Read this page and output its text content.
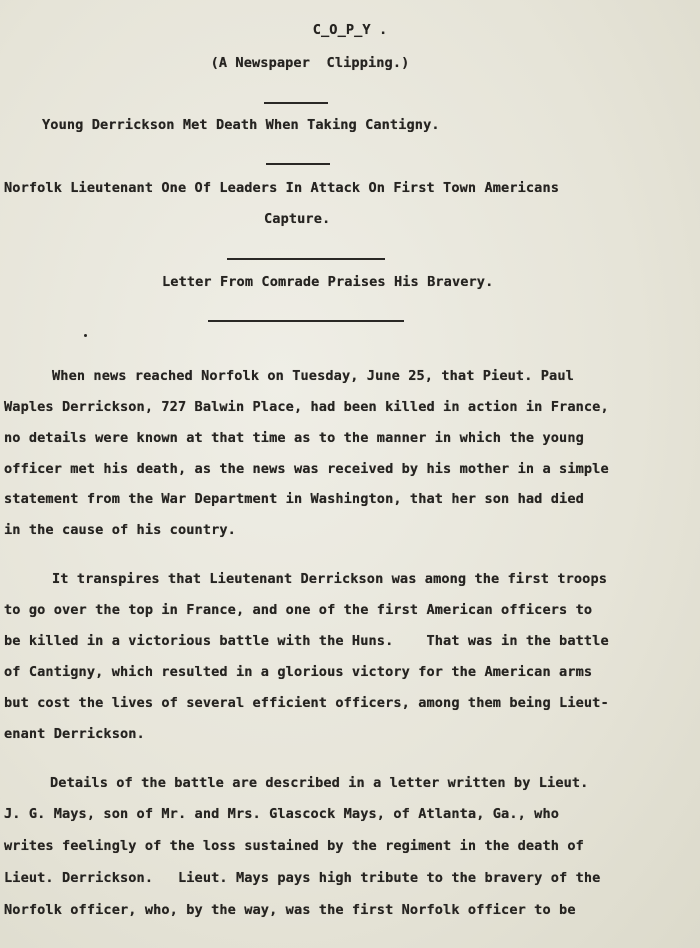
C_O_P_Y .
(A Newspaper  Clipping.)
Young Derrickson Met Death When Taking Cantigny.
Norfolk Lieutenant One Of Leaders In Attack On First Town Americans
Capture.
Letter From Comrade Praises His Bravery.
When news reached Norfolk on Tuesday, June 25, that Pieut. Paul
Waples Derrickson, 727 Balwin Place, had been killed in action in France,
no details were known at that time as to the manner in which the young
officer met his death, as the news was received by his mother in a simple
statement from the War Department in Washington, that her son had died
in the cause of his country.
It transpires that Lieutenant Derrickson was among the first troops
to go over the top in France, and one of the first American officers to
be killed in a victorious battle with the Huns.    That was in the battle
of Cantigny, which resulted in a glorious victory for the American arms
but cost the lives of several efficient officers, among them being Lieut-
enant Derrickson.
Details of the battle are described in a letter written by Lieut.
J. G. Mays, son of Mr. and Mrs. Glascock Mays, of Atlanta, Ga., who
writes feelingly of the loss sustained by the regiment in the death of
Lieut. Derrickson.   Lieut. Mays pays high tribute to the bravery of the
Norfolk officer, who, by the way, was the first Norfolk officer to be
